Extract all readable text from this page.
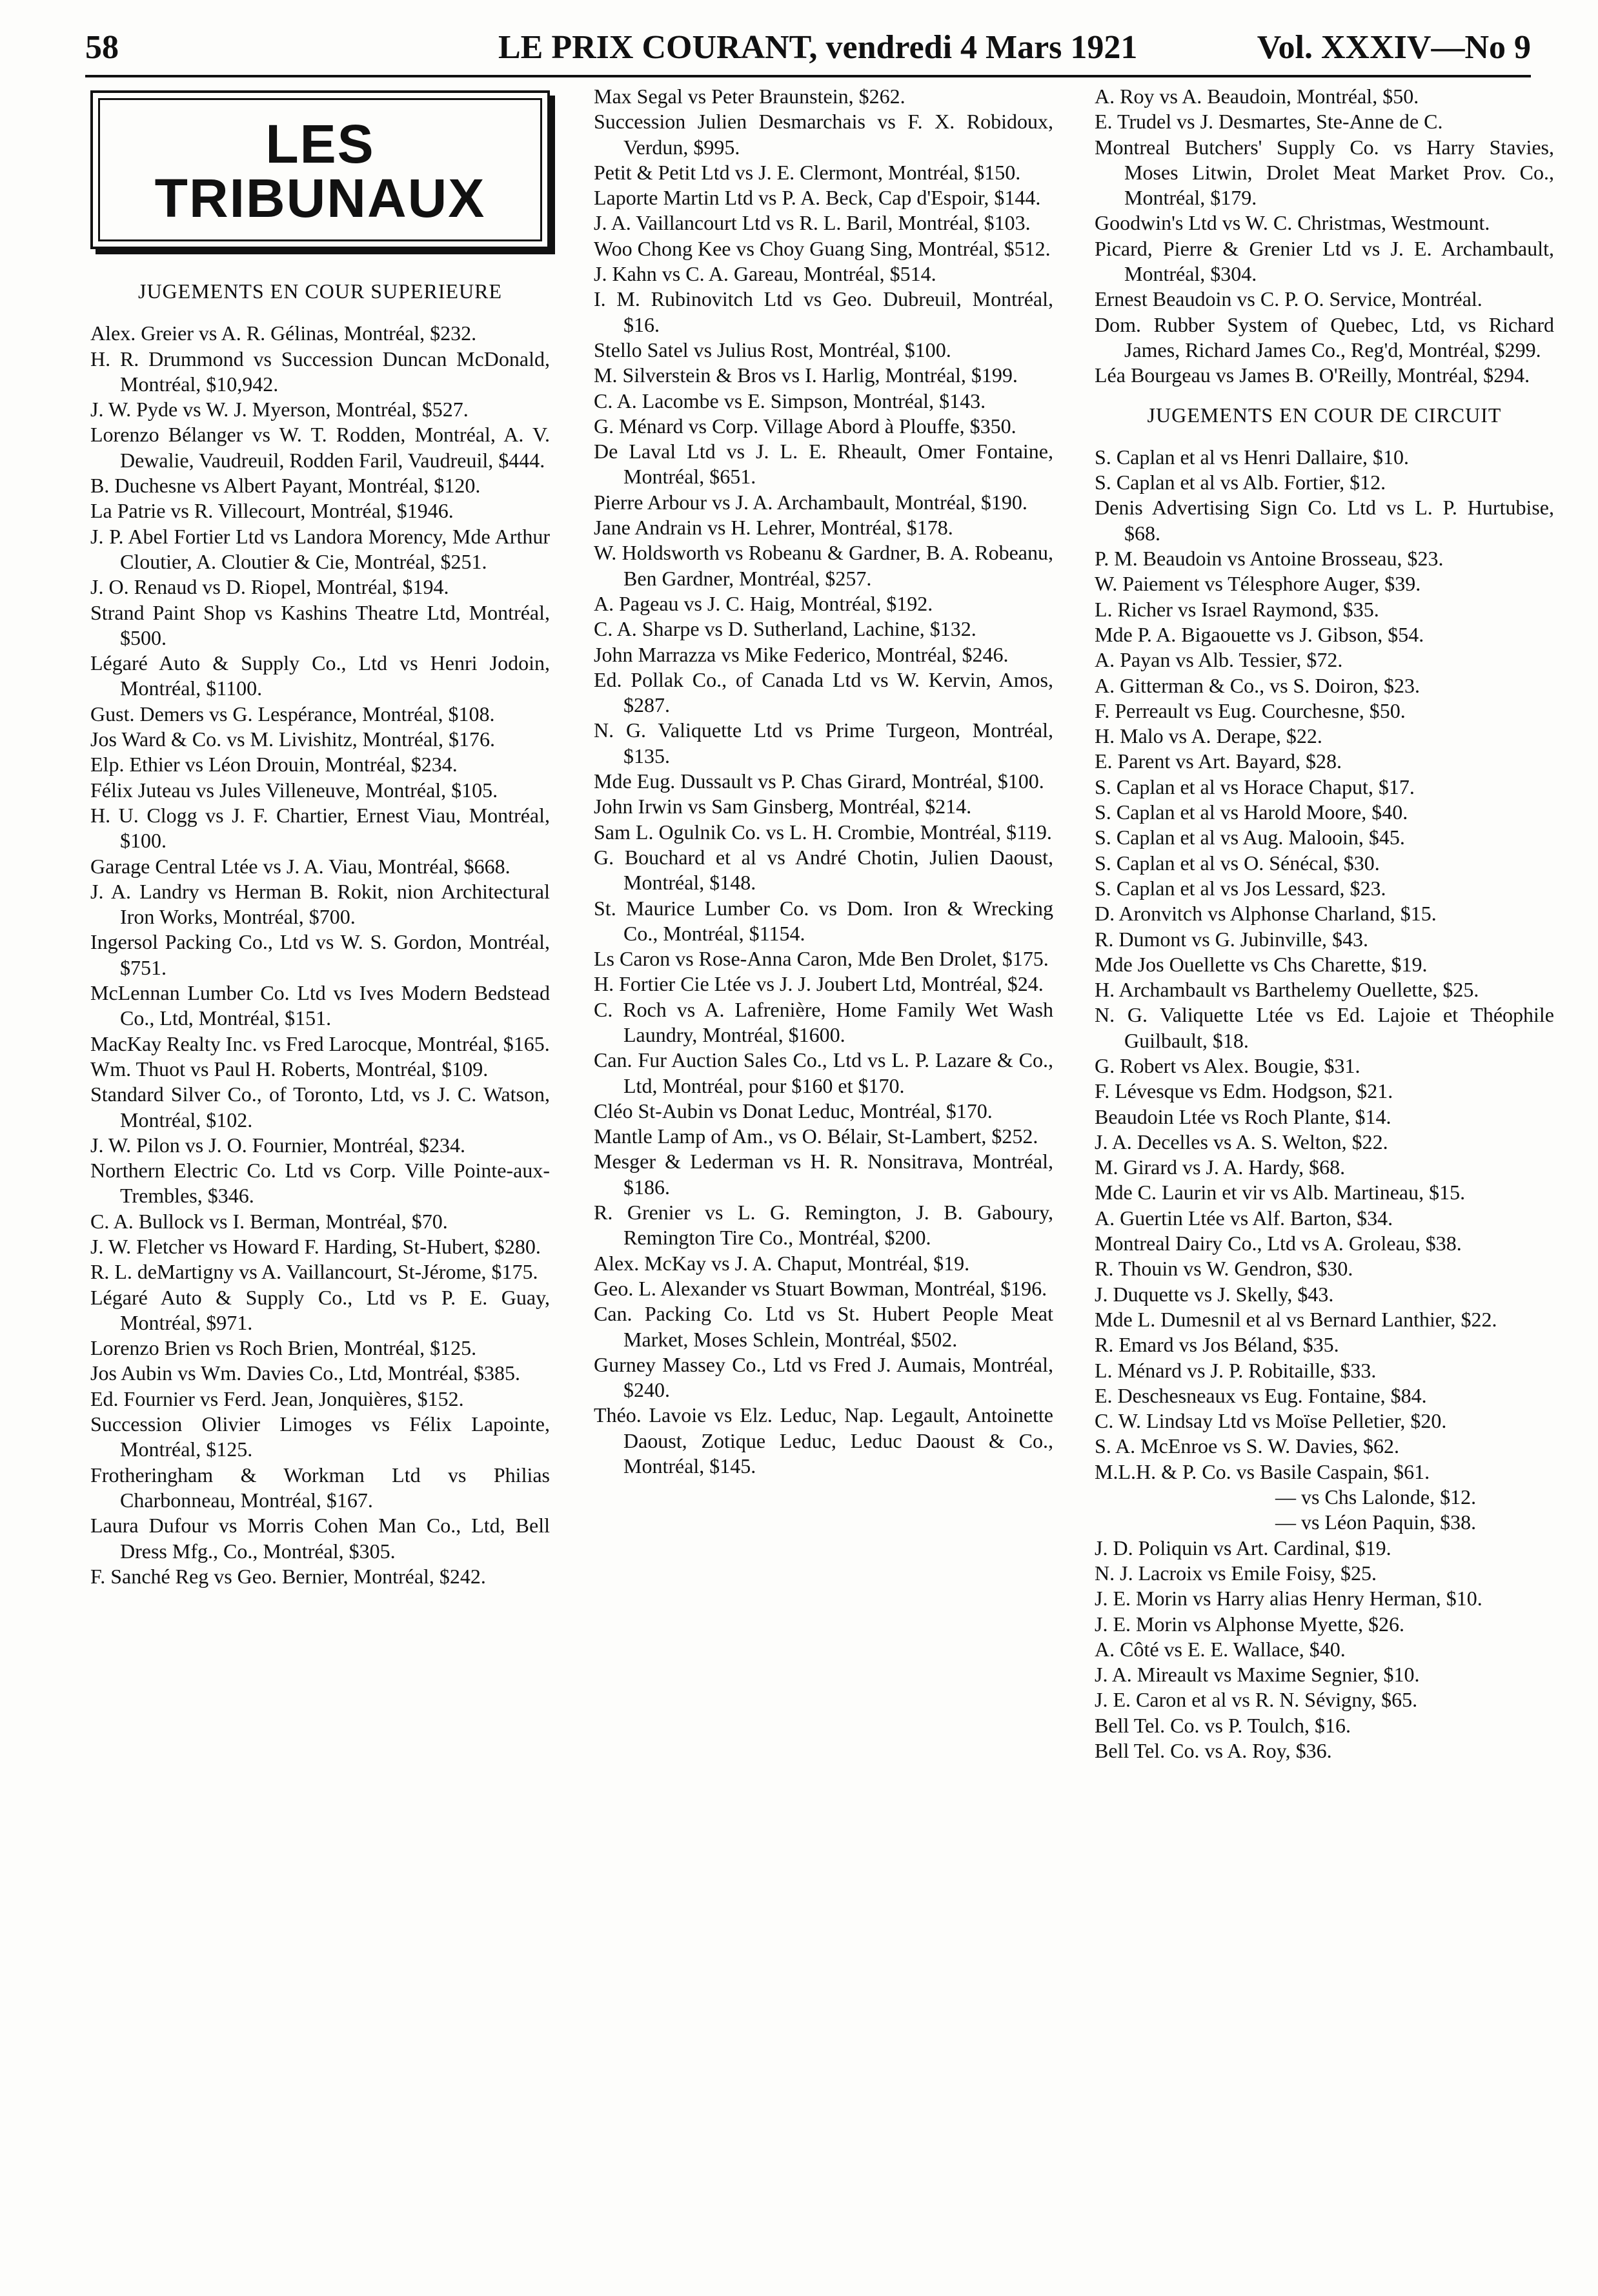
58	LE PRIX COURANT, vendredi 4 Mars 1921	Vol. XXXIV—No 9
LES TRIBUNAUX
JUGEMENTS EN COUR SUPERIEURE
Alex. Greier vs A. R. Gélinas, Montréal, $232.
H. R. Drummond vs Succession Duncan McDonald, Montréal, $10,942.
J. W. Pyde vs W. J. Myerson, Montréal, $527.
Lorenzo Bélanger vs W. T. Rodden, Montréal, A. V. Dewalie, Vaudreuil, Rodden Faril, Vaudreuil, $444.
B. Duchesne vs Albert Payant, Montréal, $120.
La Patrie vs R. Villecourt, Montréal, $1946.
J. P. Abel Fortier Ltd vs Landora Morency, Mde Arthur Cloutier, A. Cloutier & Cie, Montréal, $251.
J. O. Renaud vs D. Riopel, Montréal, $194.
Strand Paint Shop vs Kashins Theatre Ltd, Montréal, $500.
Légaré Auto & Supply Co., Ltd vs Henri Jodoin, Montréal, $1100.
Gust. Demers vs G. Lespérance, Montréal, $108.
Jos Ward & Co. vs M. Livishitz, Montréal, $176.
Elp. Ethier vs Léon Drouin, Montréal, $234.
Félix Juteau vs Jules Villeneuve, Montréal, $105.
H. U. Clogg vs J. F. Chartier, Ernest Viau, Montréal, $100.
Garage Central Ltée vs J. A. Viau, Montréal, $668.
J. A. Landry vs Herman B. Rokit, nion Architectural Iron Works, Montréal, $700.
Ingersol Packing Co., Ltd vs W. S. Gordon, Montréal, $751.
McLennan Lumber Co. Ltd vs Ives Modern Bedstead Co., Ltd, Montréal, $151.
MacKay Realty Inc. vs Fred Larocque, Montréal, $165.
Wm. Thuot vs Paul H. Roberts, Montréal, $109.
Standard Silver Co., of Toronto, Ltd, vs J. C. Watson, Montréal, $102.
J. W. Pilon vs J. O. Fournier, Montréal, $234.
Northern Electric Co. Ltd vs Corp. Ville Pointe-aux-Trembles, $346.
C. A. Bullock vs I. Berman, Montréal, $70.
J. W. Fletcher vs Howard F. Harding, St-Hubert, $280.
R. L. deMartigny vs A. Vaillancourt, St-Jérome, $175.
Légaré Auto & Supply Co., Ltd vs P. E. Guay, Montréal, $971.
Lorenzo Brien vs Roch Brien, Montréal, $125.
Jos Aubin vs Wm. Davies Co., Ltd, Montréal, $385.
Ed. Fournier vs Ferd. Jean, Jonquières, $152.
Succession Olivier Limoges vs Félix Lapointe, Montréal, $125.
Frotheringham & Workman Ltd vs Philias Charbonneau, Montréal, $167.
Laura Dufour vs Morris Cohen Man Co., Ltd, Bell Dress Mfg., Co., Montréal, $305.
F. Sanché Reg vs Geo. Bernier, Montréal, $242.
Max Segal vs Peter Braunstein, $262.
Succession Julien Desmarchais vs F. X. Robidoux, Verdun, $995.
Petit & Petit Ltd vs J. E. Clermont, Montréal, $150.
Laporte Martin Ltd vs P. A. Beck, Cap d'Espoir, $144.
J. A. Vaillancourt Ltd vs R. L. Baril, Montréal, $103.
Woo Chong Kee vs Choy Guang Sing, Montréal, $512.
J. Kahn vs C. A. Gareau, Montréal, $514.
I. M. Rubinovitch Ltd vs Geo. Dubreuil, Montréal, $16.
Stello Satel vs Julius Rost, Montréal, $100.
M. Silverstein & Bros vs I. Harlig, Montréal, $199.
C. A. Lacombe vs E. Simpson, Montréal, $143.
G. Ménard vs Corp. Village Abord à Plouffe, $350.
De Laval Ltd vs J. L. E. Rheault, Omer Fontaine, Montréal, $651.
Pierre Arbour vs J. A. Archambault, Montréal, $190.
Jane Andrain vs H. Lehrer, Montréal, $178.
W. Holdsworth vs Robeanu & Gardner, B. A. Robeanu, Ben Gardner, Montréal, $257.
A. Pageau vs J. C. Haig, Montréal, $192.
C. A. Sharpe vs D. Sutherland, Lachine, $132.
John Marrazza vs Mike Federico, Montréal, $246.
Ed. Pollak Co., of Canada Ltd vs W. Kervin, Amos, $287.
N. G. Valiquette Ltd vs Prime Turgeon, Montréal, $135.
Mde Eug. Dussault vs P. Chas Girard, Montréal, $100.
John Irwin vs Sam Ginsberg, Montréal, $214.
Sam L. Ogulnik Co. vs L. H. Crombie, Montréal, $119.
G. Bouchard et al vs André Chotin, Julien Daoust, Montréal, $148.
St. Maurice Lumber Co. vs Dom. Iron & Wrecking Co., Montréal, $1154.
Ls Caron vs Rose-Anna Caron, Mde Ben Drolet, $175.
H. Fortier Cie Ltée vs J. J. Joubert Ltd, Montréal, $24.
C. Roch vs A. Lafrenière, Home Family Wet Wash Laundry, Montréal, $1600.
Can. Fur Auction Sales Co., Ltd vs L. P. Lazare & Co., Ltd, Montréal, pour $160 et $170.
Cléo St-Aubin vs Donat Leduc, Montréal, $170.
Mantle Lamp of Am., vs O. Bélair, St-Lambert, $252.
Mesger & Lederman vs H. R. Nonsitrava, Montréal, $186.
R. Grenier vs L. G. Remington, J. B. Gaboury, Remington Tire Co., Montréal, $200.
Alex. McKay vs J. A. Chaput, Montréal, $19.
Geo. L. Alexander vs Stuart Bowman, Montréal, $196.
Can. Packing Co. Ltd vs St. Hubert People Meat Market, Moses Schlein, Montréal, $502.
Gurney Massey Co., Ltd vs Fred J. Aumais, Montréal, $240.
Théo. Lavoie vs Elz. Leduc, Nap. Legault, Antoinette Daoust, Zotique Leduc, Leduc Daoust & Co., Montréal, $145.
A. Roy vs A. Beaudoin, Montréal, $50.
E. Trudel vs J. Desmartes, Ste-Anne de C.
Montreal Butchers' Supply Co. vs Harry Stavies, Moses Litwin, Drolet Meat Market Prov. Co., Montréal, $179.
Goodwin's Ltd vs W. C. Christmas, Westmount.
Picard, Pierre & Grenier Ltd vs J. E. Archambault, Montréal, $304.
Ernest Beaudoin vs C. P. O. Service, Montréal.
Dom. Rubber System of Quebec, Ltd, vs Richard James, Richard James Co., Reg'd, Montréal, $299.
Léa Bourgeau vs James B. O'Reilly, Montréal, $294.
JUGEMENTS EN COUR DE CIRCUIT
S. Caplan et al vs Henri Dallaire, $10.
S. Caplan et al vs Alb. Fortier, $12.
Denis Advertising Sign Co. Ltd vs L. P. Hurtubise, $68.
P. M. Beaudoin vs Antoine Brosseau, $23.
W. Paiement vs Télesphore Auger, $39.
L. Richer vs Israel Raymond, $35.
Mde P. A. Bigaouette vs J. Gibson, $54.
A. Payan vs Alb. Tessier, $72.
A. Gitterman & Co., vs S. Doiron, $23.
F. Perreault vs Eug. Courchesne, $50.
H. Malo vs A. Derape, $22.
E. Parent vs Art. Bayard, $28.
S. Caplan et al vs Horace Chaput, $17.
S. Caplan et al vs Harold Moore, $40.
S. Caplan et al vs Aug. Malooin, $45.
S. Caplan et al vs O. Sénécal, $30.
S. Caplan et al vs Jos Lessard, $23.
D. Aronvitch vs Alphonse Charland, $15.
R. Dumont vs G. Jubinville, $43.
Mde Jos Ouellette vs Chs Charette, $19.
H. Archambault vs Barthelemy Ouellette, $25.
N. G. Valiquette Ltée vs Ed. Lajoie et Théophile Guilbault, $18.
G. Robert vs Alex. Bougie, $31.
F. Lévesque vs Edm. Hodgson, $21.
Beaudoin Ltée vs Roch Plante, $14.
J. A. Decelles vs A. S. Welton, $22.
M. Girard vs J. A. Hardy, $68.
Mde C. Laurin et vir vs Alb. Martineau, $15.
A. Guertin Ltée vs Alf. Barton, $34.
Montreal Dairy Co., Ltd vs A. Groleau, $38.
R. Thouin vs W. Gendron, $30.
J. Duquette vs J. Skelly, $43.
Mde L. Dumesnil et al vs Bernard Lanthier, $22.
R. Emard vs Jos Béland, $35.
L. Ménard vs J. P. Robitaille, $33.
E. Deschesneaux vs Eug. Fontaine, $84.
C. W. Lindsay Ltd vs Moïse Pelletier, $20.
S. A. McEnroe vs S. W. Davies, $62.
M.L.H. & P. Co. vs Basile Caspain, $61.
— vs Chs Lalonde, $12.
— vs Léon Paquin, $38.
J. D. Poliquin vs Art. Cardinal, $19.
N. J. Lacroix vs Emile Foisy, $25.
J. E. Morin vs Harry alias Henry Herman, $10.
J. E. Morin vs Alphonse Myette, $26.
A. Côté vs E. E. Wallace, $40.
J. A. Mireault vs Maxime Segnier, $10.
J. E. Caron et al vs R. N. Sévigny, $65.
Bell Tel. Co. vs P. Toulch, $16.
Bell Tel. Co. vs A. Roy, $36.
